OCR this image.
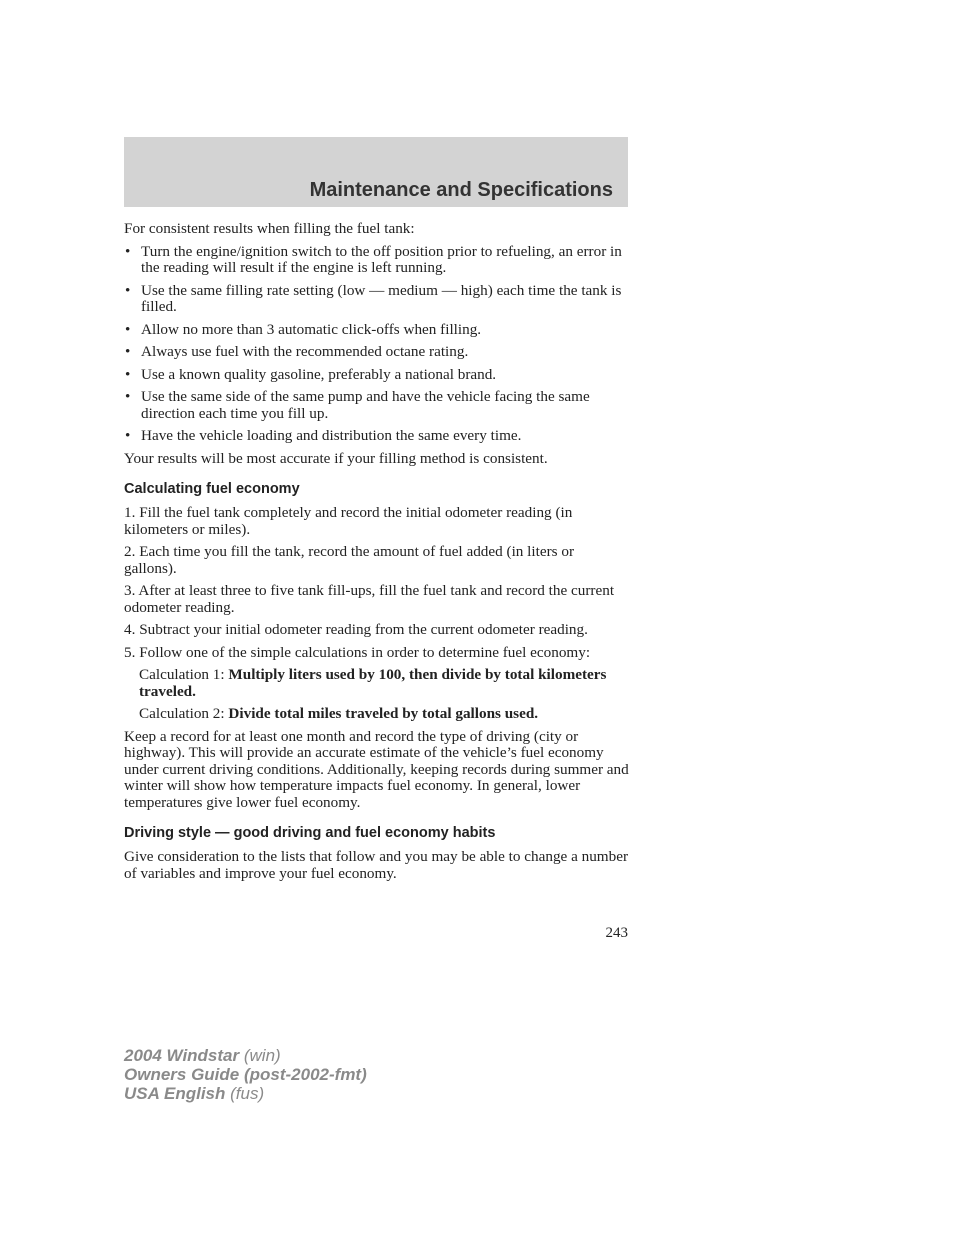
Maintenance and Specifications

For consistent results when filling the fuel tank:

• Turn the engine/ignition switch to the off position prior to refueling, an error in the reading will result if the engine is left running.
• Use the same filling rate setting (low — medium — high) each time the tank is filled.
• Allow no more than 3 automatic click-offs when filling.
• Always use fuel with the recommended octane rating.
• Use a known quality gasoline, preferably a national brand.
• Use the same side of the same pump and have the vehicle facing the same direction each time you fill up.
• Have the vehicle loading and distribution the same every time.

Your results will be most accurate if your filling method is consistent.

Calculating fuel economy

1. Fill the fuel tank completely and record the initial odometer reading (in kilometers or miles).

2. Each time you fill the tank, record the amount of fuel added (in liters or gallons).

3. After at least three to five tank fill-ups, fill the fuel tank and record the current odometer reading.

4. Subtract your initial odometer reading from the current odometer reading.

5. Follow one of the simple calculations in order to determine fuel economy:

Calculation 1: Multiply liters used by 100, then divide by total kilometers traveled.

Calculation 2: Divide total miles traveled by total gallons used.

Keep a record for at least one month and record the type of driving (city or highway). This will provide an accurate estimate of the vehicle’s fuel economy under current driving conditions. Additionally, keeping records during summer and winter will show how temperature impacts fuel economy. In general, lower temperatures give lower fuel economy.

Driving style — good driving and fuel economy habits

Give consideration to the lists that follow and you may be able to change a number of variables and improve your fuel economy.

243
2004 Windstar (win)
Owners Guide (post-2002-fmt)
USA English (fus)
